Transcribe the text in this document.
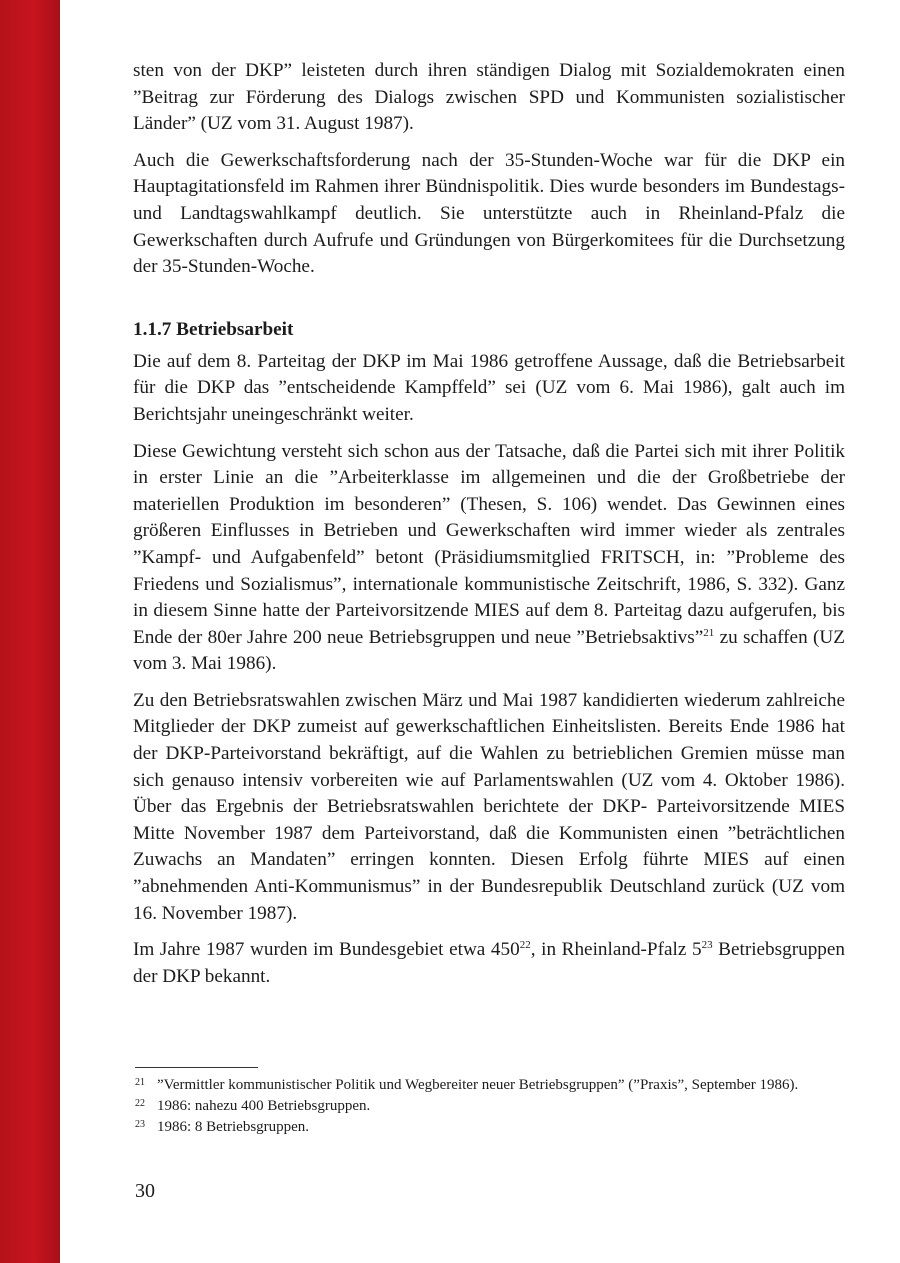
sten von der DKP” leisteten durch ihren ständigen Dialog mit Sozialdemokraten einen ”Beitrag zur Förderung des Dialogs zwischen SPD und Kommunisten sozialistischer Länder” (UZ vom 31. August 1987).

Auch die Gewerkschaftsforderung nach der 35-Stunden-Woche war für die DKP ein Hauptagitationsfeld im Rahmen ihrer Bündnispolitik. Dies wurde besonders im Bundestags- und Landtagswahlkampf deutlich. Sie unterstützte auch in Rheinland-Pfalz die Gewerkschaften durch Aufrufe und Gründungen von Bürgerkomitees für die Durchsetzung der 35-Stunden-Woche.

1.1.7 Betriebsarbeit

Die auf dem 8. Parteitag der DKP im Mai 1986 getroffene Aussage, daß die Betriebsarbeit für die DKP das ”entscheidende Kampffeld” sei (UZ vom 6. Mai 1986), galt auch im Berichtsjahr uneingeschränkt weiter.

Diese Gewichtung versteht sich schon aus der Tatsache, daß die Partei sich mit ihrer Politik in erster Linie an die ”Arbeiterklasse im allgemeinen und die der Großbetriebe der materiellen Produktion im besonderen” (Thesen, S. 106) wendet. Das Gewinnen eines größeren Einflusses in Betrieben und Gewerkschaften wird immer wieder als zentrales ”Kampf- und Aufgabenfeld” betont (Präsidiumsmitglied FRITSCH, in: ”Probleme des Friedens und Sozialismus”, internationale kommunistische Zeitschrift, 1986, S. 332). Ganz in diesem Sinne hatte der Parteivorsitzende MIES auf dem 8. Parteitag dazu aufgerufen, bis Ende der 80er Jahre 200 neue Betriebsgruppen und neue ”Betriebsaktivs”$^{21}$ zu schaffen (UZ vom 3. Mai 1986).

Zu den Betriebsratswahlen zwischen März und Mai 1987 kandidierten wiederum zahlreiche Mitglieder der DKP zumeist auf gewerkschaftlichen Einheitslisten. Bereits Ende 1986 hat der DKP-Parteivorstand bekräftigt, auf die Wahlen zu betrieblichen Gremien müsse man sich genauso intensiv vorbereiten wie auf Parlamentswahlen (UZ vom 4. Oktober 1986). Über das Ergebnis der Betriebsratswahlen berichtete der DKP- Parteivorsitzende MIES Mitte November 1987 dem Parteivorstand, daß die Kommunisten einen ”beträchtlichen Zuwachs an Mandaten” erringen konnten. Diesen Erfolg führte MIES auf einen ”abnehmenden Anti-Kommunismus” in der Bundesrepublik Deutschland zurück (UZ vom 16. November 1987).

Im Jahre 1987 wurden im Bundesgebiet etwa $450^{22}$, in Rheinland-Pfalz $5^{23}$ Betriebsgruppen der DKP bekannt.

21 ”Vermittler kommunistischer Politik und Wegbereiter neuer Betriebsgruppen” (”Praxis”, September 1986).
22 1986: nahezu 400 Betriebsgruppen.
23 1986: 8 Betriebsgruppen.
30
